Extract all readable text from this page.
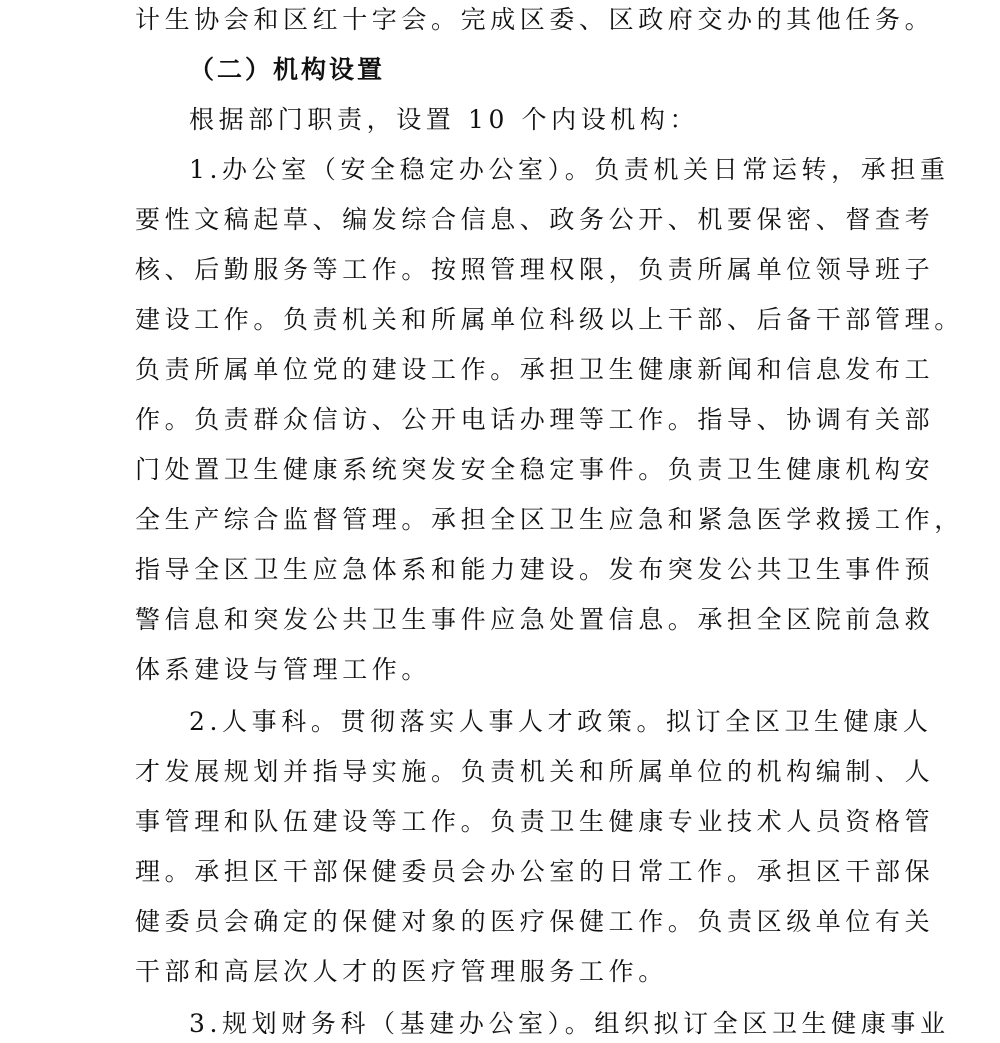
计生协会和区红十字会。完成区委、区政府交办的其他任务。
（二）机构设置
根据部门职责，设置 10 个内设机构：
1.办公室（安全稳定办公室）。负责机关日常运转，承担重
要性文稿起草、编发综合信息、政务公开、机要保密、督查考
核、后勤服务等工作。按照管理权限，负责所属单位领导班子
建设工作。负责机关和所属单位科级以上干部、后备干部管理。
负责所属单位党的建设工作。承担卫生健康新闻和信息发布工
作。负责群众信访、公开电话办理等工作。指导、协调有关部
门处置卫生健康系统突发安全稳定事件。负责卫生健康机构安
全生产综合监督管理。承担全区卫生应急和紧急医学救援工作，
指导全区卫生应急体系和能力建设。发布突发公共卫生事件预
警信息和突发公共卫生事件应急处置信息。承担全区院前急救
体系建设与管理工作。
2.人事科。贯彻落实人事人才政策。拟订全区卫生健康人
才发展规划并指导实施。负责机关和所属单位的机构编制、人
事管理和队伍建设等工作。负责卫生健康专业技术人员资格管
理。承担区干部保健委员会办公室的日常工作。承担区干部保
健委员会确定的保健对象的医疗保健工作。负责区级单位有关
干部和高层次人才的医疗管理服务工作。
3.规划财务科（基建办公室）。组织拟订全区卫生健康事业
